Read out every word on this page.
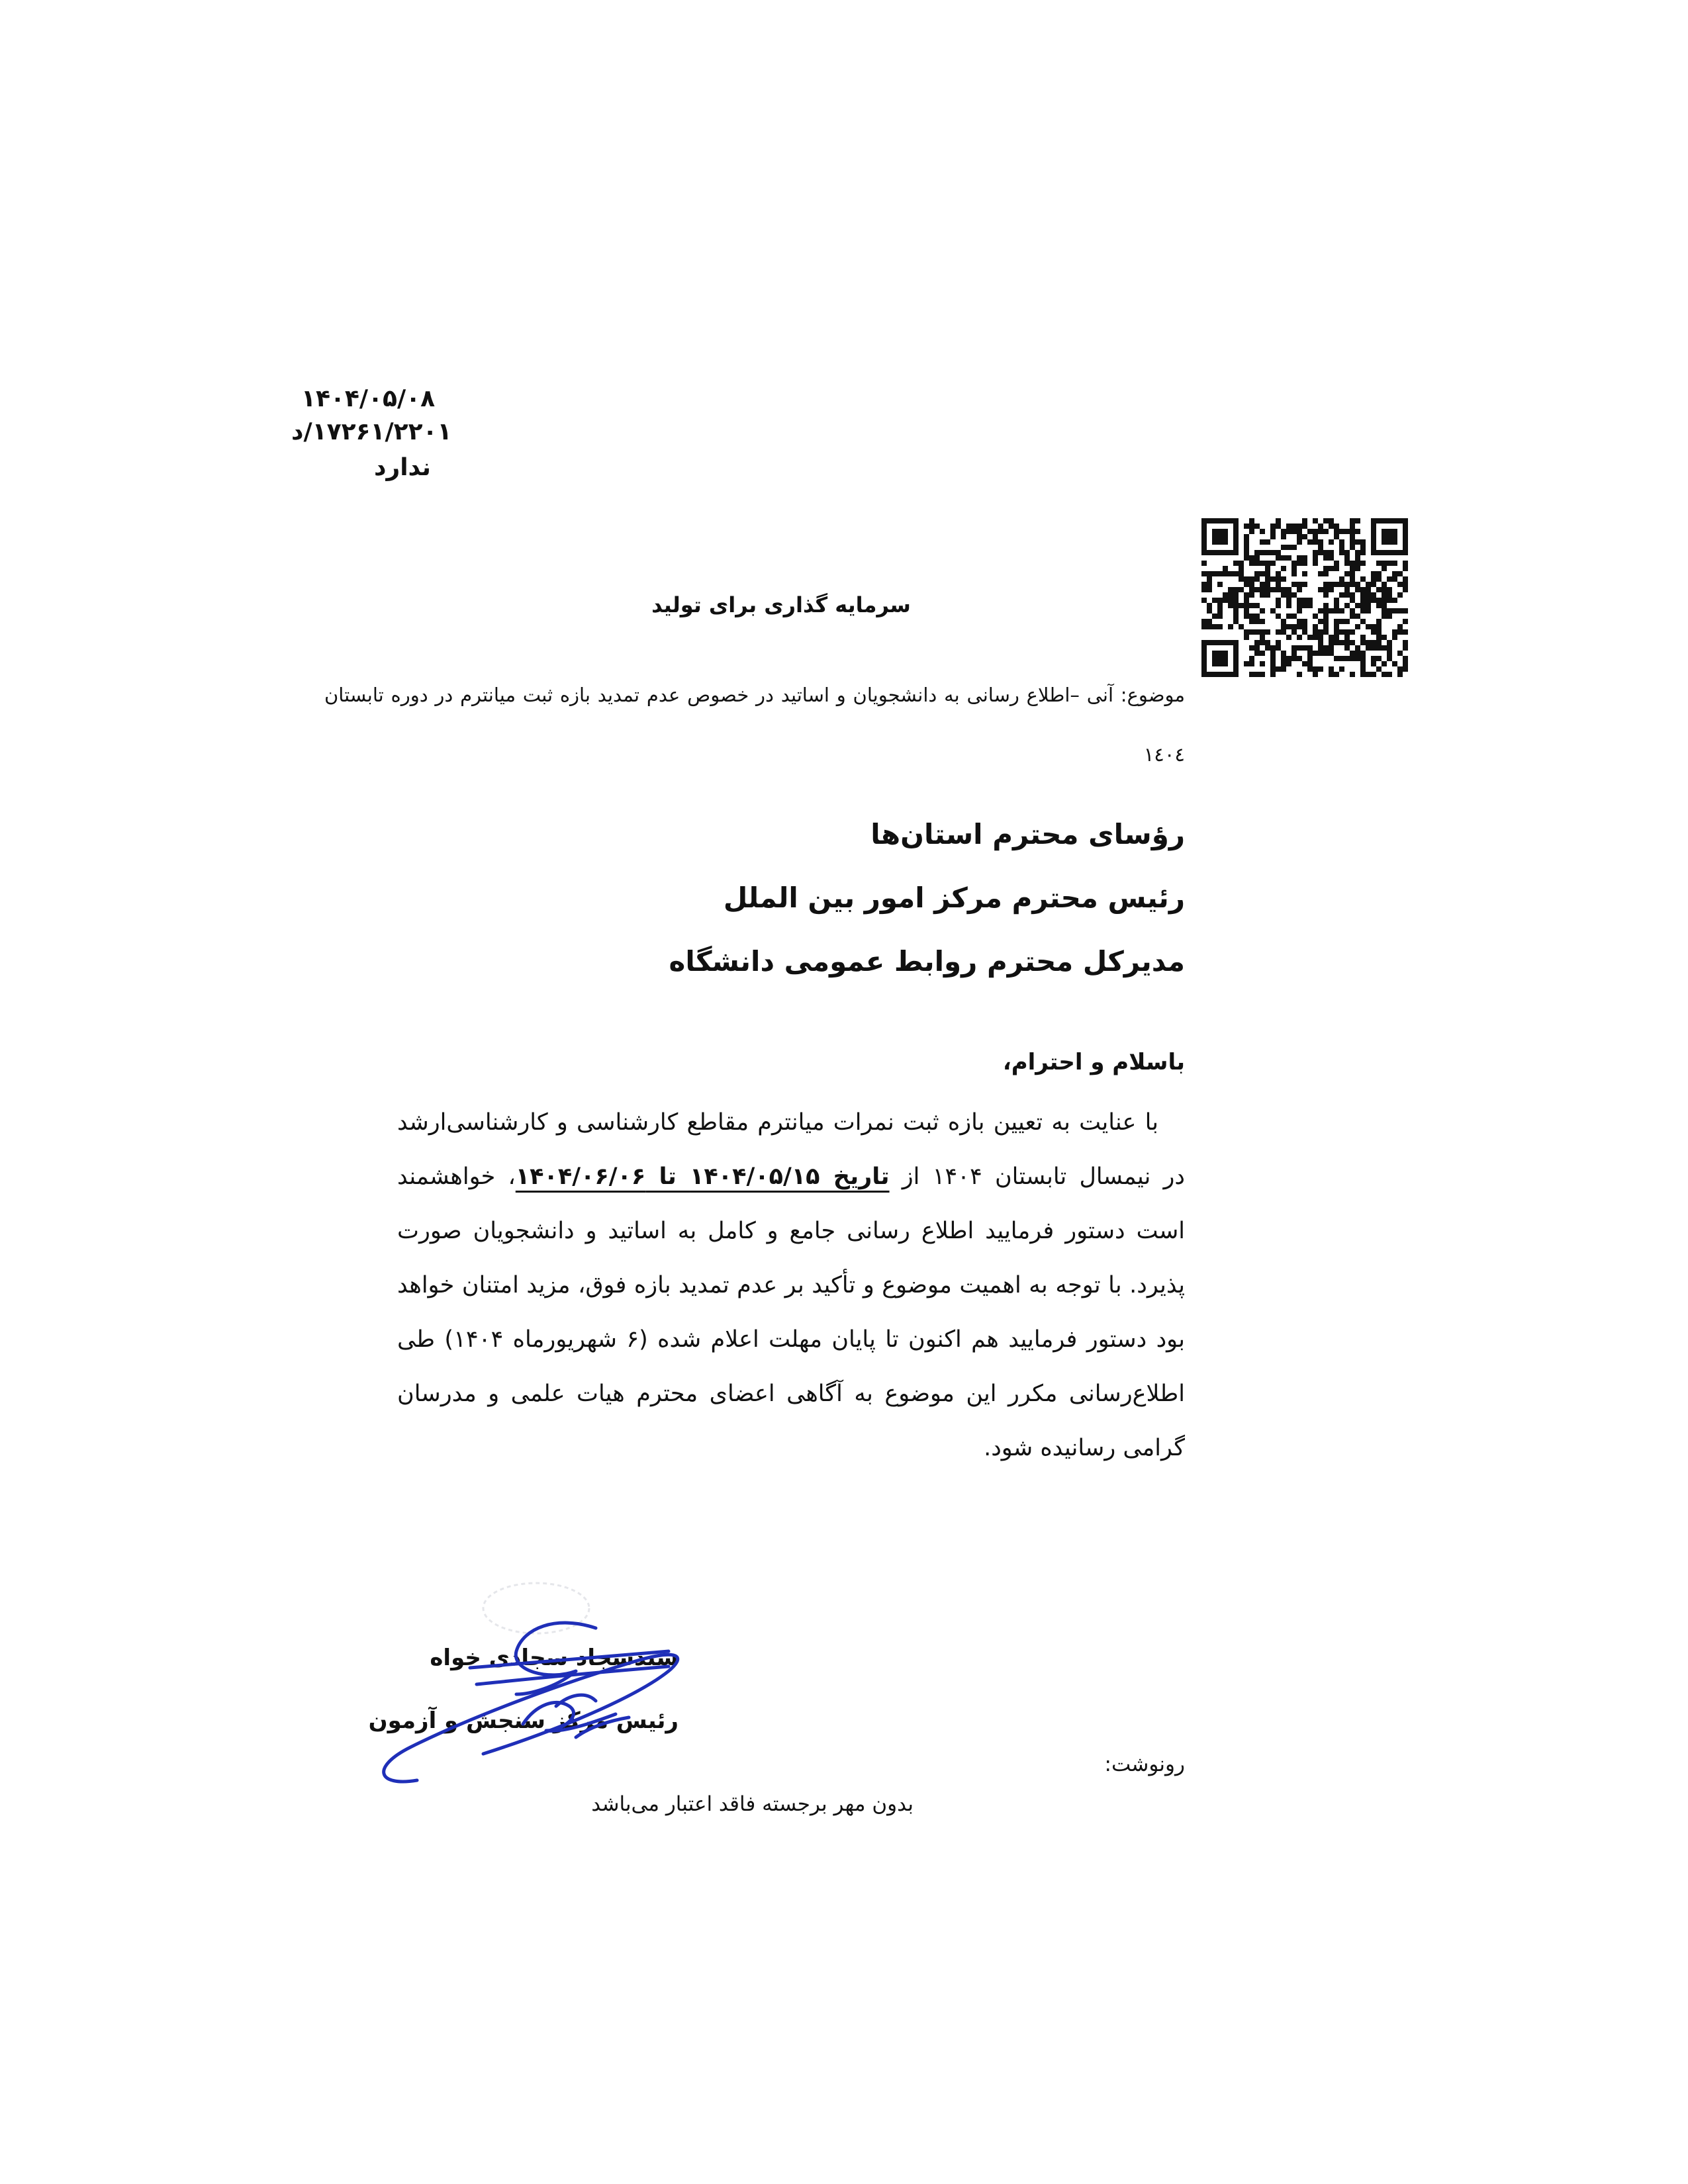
۱۴۰۴/۰۵/۰۸
۱۷۲۶۱/۲۲۰۱/د
ندارد
سرمایه گذاری برای تولید
موضوع: آنی –اطلاع رسانی به دانشجویان و اساتید در خصوص عدم تمدید بازه ثبت میانترم در دوره تابستان ١٤٠٤
رؤسای محترم استان‌ها
رئیس محترم مرکز امور بین الملل
مدیرکل محترم روابط عمومی دانشگاه
باسلام و احترام،
با عنایت به تعیین بازه ثبت نمرات میانترم مقاطع کارشناسی و کارشناسی‌ارشد در نیمسال تابستان ۱۴۰۴ از تاریخ ۱۴۰۴/۰۵/۱۵ تا ۱۴۰۴/۰۶/۰۶، خواهشمند است دستور فرمایید اطلاع رسانی جامع و کامل به اساتید و دانشجویان صورت پذیرد. با توجه به اهمیت موضوع و تأکید بر عدم تمدید بازه فوق، مزید امتنان خواهد بود دستور فرمایید هم اکنون تا پایان مهلت اعلام شده (۶ شهریورماه ۱۴۰۴) طی اطلاع‌رسانی مکرر این موضوع به آگاهی اعضای محترم هیات علمی و مدرسان گرامی رسانیده شود.
سیدسجاد سجادی خواه
رئیس مرکز سنجش و آزمون
رونوشت:
بدون مهر برجسته فاقد اعتبار می‌باشد
